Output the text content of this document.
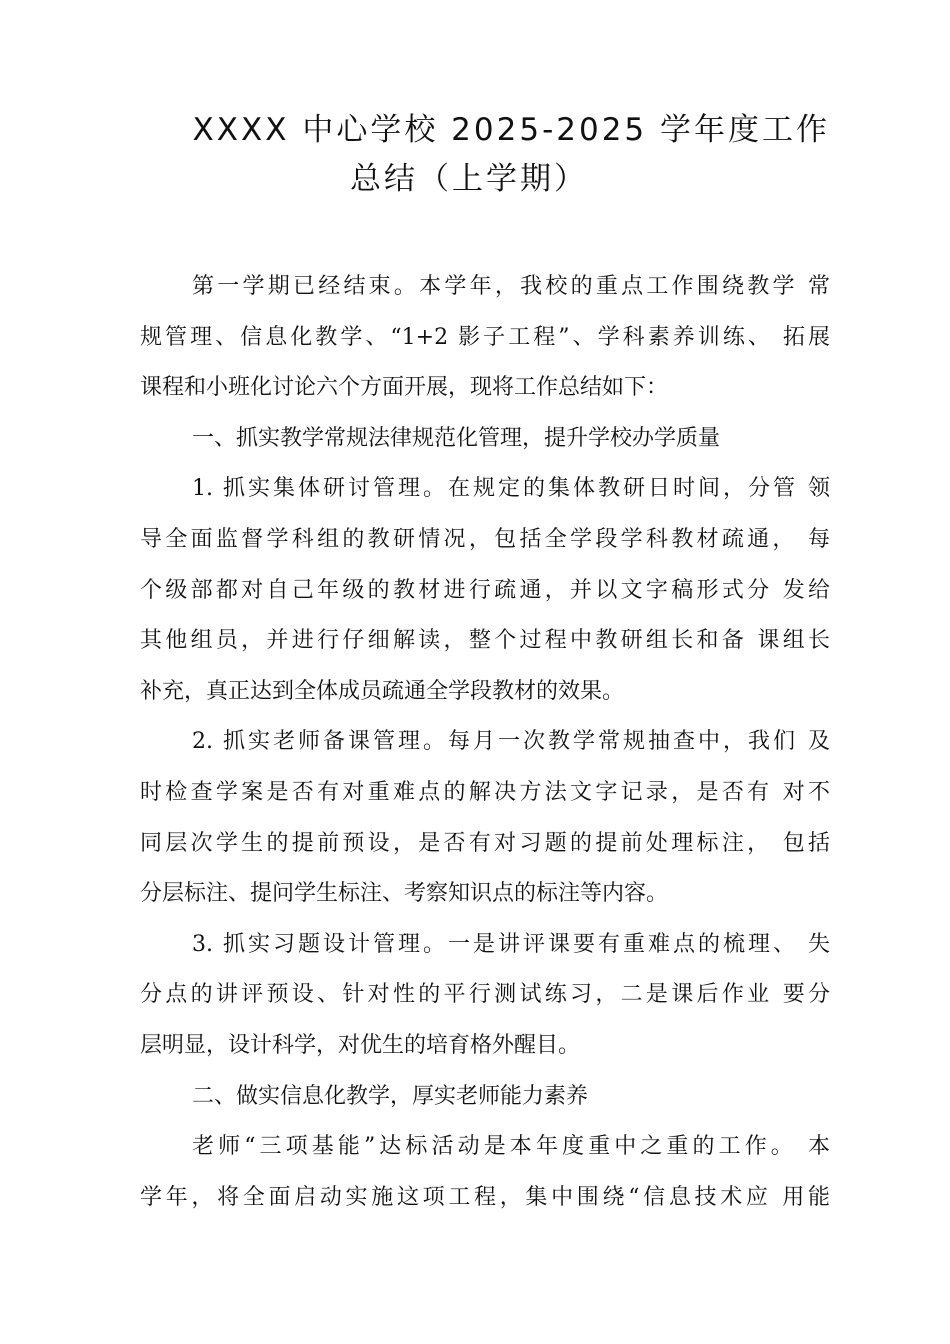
XXXX 中心学校 2025-2025 学年度工作
总结（上学期）
第一学期已经结束。本学年，我校的重点工作围绕教学 常
规管理、信息化教学、“1+2 影子工程”、学科素养训练、 拓展
课程和小班化讨论六个方面开展，现将工作总结如下：
一、抓实教学常规法律规范化管理，提升学校办学质量
1. 抓实集体研讨管理。在规定的集体教研日时间，分管 领
导全面监督学科组的教研情况，包括全学段学科教材疏通， 每
个级部都对自己年级的教材进行疏通，并以文字稿形式分 发给
其他组员，并进行仔细解读，整个过程中教研组长和备 课组长
补充，真正达到全体成员疏通全学段教材的效果。
2. 抓实老师备课管理。每月一次教学常规抽查中，我们 及
时检查学案是否有对重难点的解决方法文字记录，是否有 对不
同层次学生的提前预设，是否有对习题的提前处理标注， 包括
分层标注、提问学生标注、考察知识点的标注等内容。
3. 抓实习题设计管理。一是讲评课要有重难点的梳理、 失
分点的讲评预设、针对性的平行测试练习，二是课后作业 要分
层明显，设计科学，对优生的培育格外醒目。
二、做实信息化教学，厚实老师能力素养
老师“三项基能”达标活动是本年度重中之重的工作。 本
学年，将全面启动实施这项工程，集中围绕“信息技术应 用能
